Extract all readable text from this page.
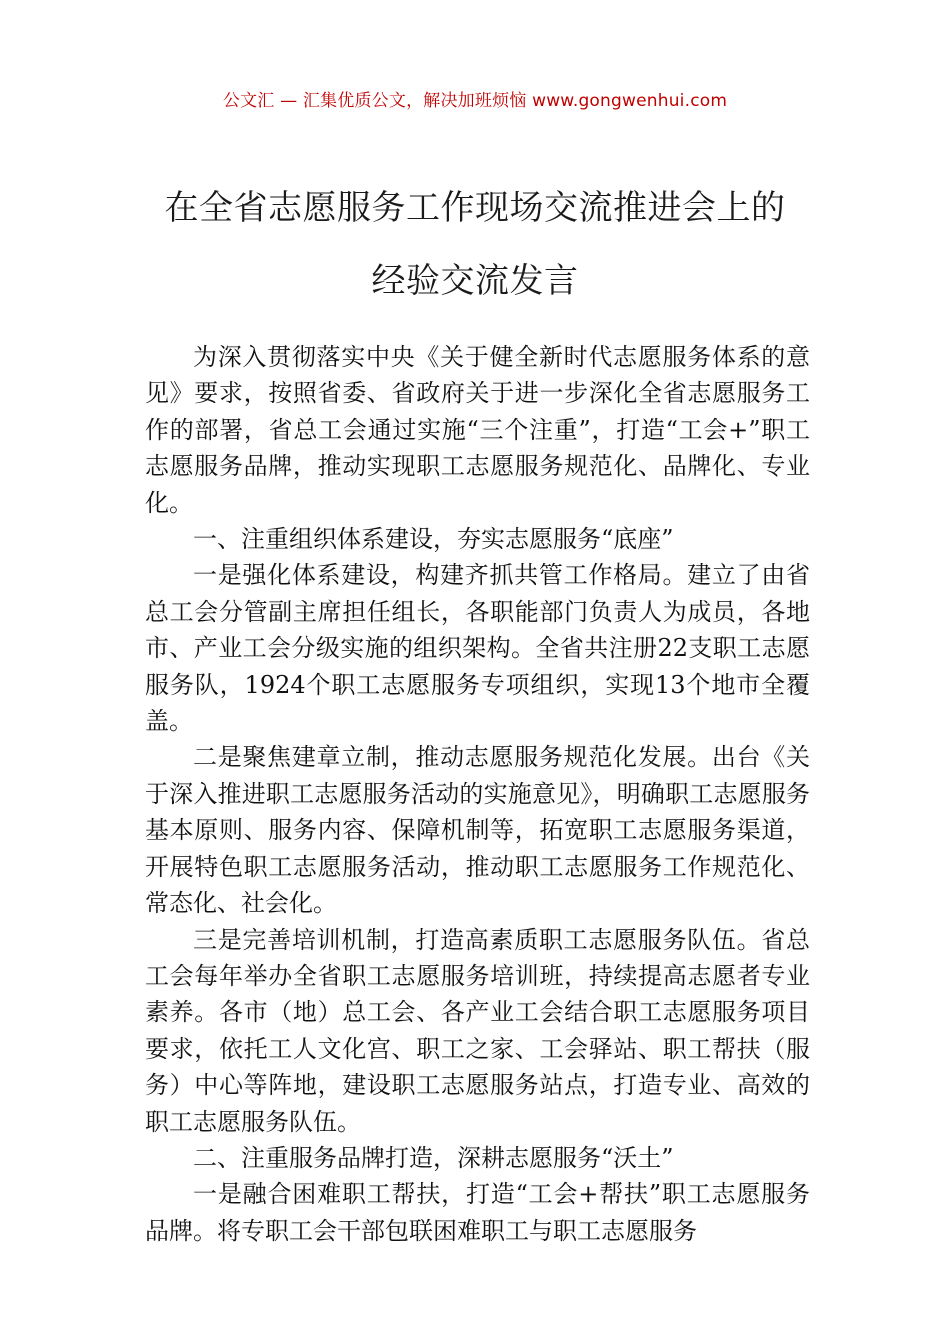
公文汇 — 汇集优质公文，解决加班烦恼 www.gongwenhui.com
在全省志愿服务工作现场交流推进会上的
经验交流发言

为深入贯彻落实中央《关于健全新时代志愿服务体系的意见》要求，按照省委、省政府关于进一步深化全省志愿服务工作的部署，省总工会通过实施“三个注重”，打造“工会+”职工志愿服务品牌，推动实现职工志愿服务规范化、品牌化、专业化。

一、注重组织体系建设，夯实志愿服务“底座”

一是强化体系建设，构建齐抓共管工作格局。建立了由省总工会分管副主席担任组长，各职能部门负责人为成员，各地市、产业工会分级实施的组织架构。全省共注册22支职工志愿服务队，1924个职工志愿服务专项组织，实现13个地市全覆盖。

二是聚焦建章立制，推动志愿服务规范化发展。出台《关于深入推进职工志愿服务活动的实施意见》，明确职工志愿服务基本原则、服务内容、保障机制等，拓宽职工志愿服务渠道，开展特色职工志愿服务活动，推动职工志愿服务工作规范化、常态化、社会化。

三是完善培训机制，打造高素质职工志愿服务队伍。省总工会每年举办全省职工志愿服务培训班，持续提高志愿者专业素养。各市（地）总工会、各产业工会结合职工志愿服务项目要求，依托工人文化宫、职工之家、工会驿站、职工帮扶（服务）中心等阵地，建设职工志愿服务站点，打造专业、高效的职工志愿服务队伍。

二、注重服务品牌打造，深耕志愿服务“沃土”

一是融合困难职工帮扶，打造“工会+帮扶”职工志愿服务品牌。将专职工会干部包联困难职工与职工志愿服务
